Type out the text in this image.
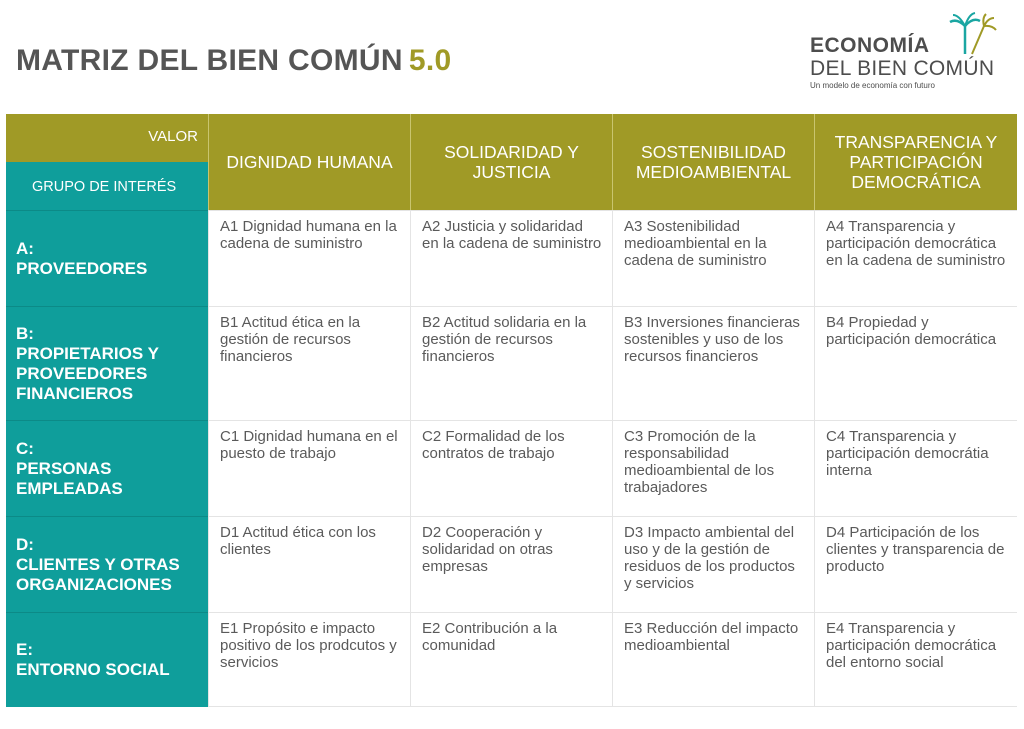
MATRIZ DEL BIEN COMÚN 5.0	ECONOMÍA
DEL BIEN COMÚN
Un modelo de economía con futuro
VALOR
GRUPO DE INTERÉS
DIGNIDAD HUMANA	SOLIDARIDAD Y JUSTICIA
SOSTENIBILIDAD MEDIOAMBIENTAL
TRANSPARENCIA Y PARTICIPACIÓN DEMOCRÁTICA
A:
PROVEEDORES
A1 Dignidad humana en la cadena de suministro
A2 Justicia y solidaridad en la cadena de suministro
A3 Sostenibilidad medioambiental en la cadena de suministro
A4 Transparencia y participación democrática en la cadena de suministro
B:
PROPIETARIOS Y PROVEEDORES FINANCIEROS
B1 Actitud ética en la gestión de recursos financieros
B2 Actitud solidaria en la gestión de recursos financieros
B3 Inversiones financieras sostenibles y uso de los recursos financieros
B4 Propiedad y participación democrática
C:
PERSONAS EMPLEADAS
C1 Dignidad humana en el puesto de trabajo
C2 Formalidad de los contratos de trabajo
C3 Promoción de la responsabilidad medioambiental de los trabajadores
C4 Transparencia y participación democrátia interna
D:
CLIENTES Y OTRAS ORGANIZACIONES
D1 Actitud ética con los clientes
D2 Cooperación y solidaridad on otras empresas
D3 Impacto ambiental del uso y de la gestión de residuos de los productos y servicios
D4 Participación de los clientes y transparencia de producto
E:
ENTORNO SOCIAL
E1 Propósito e impacto positivo de los prodcutos y servicios
E2 Contribución a la comunidad
E3 Reducción del impacto medioambiental
E4 Transparencia y participación democrática del entorno social
